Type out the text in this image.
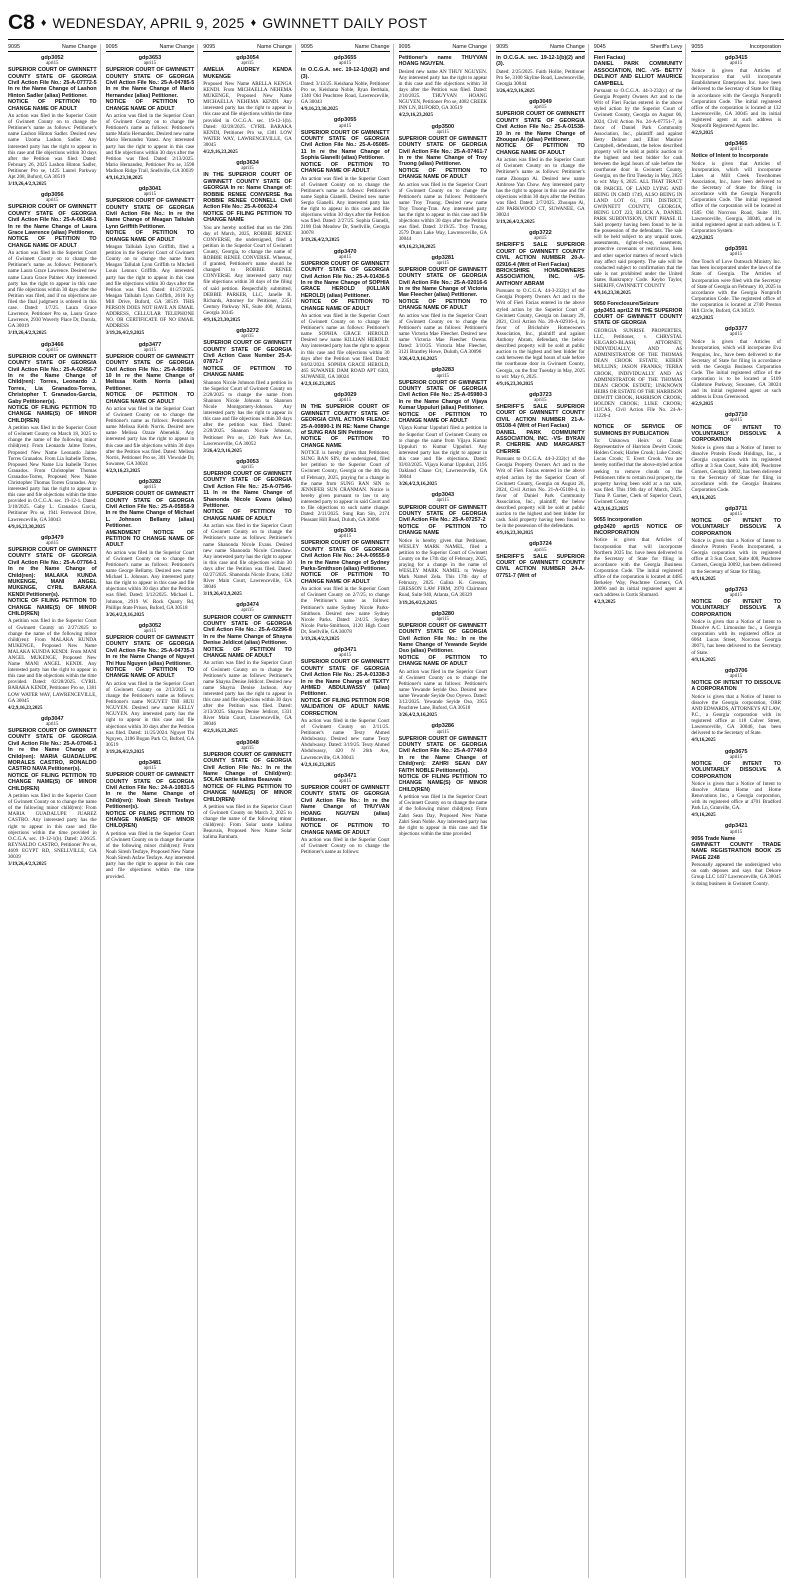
C8 ♦ WEDNESDAY, APRIL 9, 2025 ♦ GWINNETT DAILY POST
9095	Name Change
gdp3052
apri15
SUPERIOR COURT OF GWINNETT COUNTY STATE OF GEORGIA Civil Action File No.: 25-A-07772-5 In re the Name Change of Lashon Hinton Sadler (alias) Petitioner.
NOTICE OF PETITION TO CHANGE NAME OF ADULT
An action was filed in the Superior Court of Gwinnett County on to change the Petitioner's name as follows: Petitioner's name Lashon Hinton Sadler. Desired new name Uzoma Lashon Sadler. Any interested party has the right to appear in this case and file objections within 30 days after the Petition was filed. Dated: February 26, 2025 Lashon Hinton Sadler, Petitioner Pro se, 1425 Laurel Parkway Apt 208, Buford, GA 30519
3/19,26,4/2,9,2025
gdp3056
apri15
SUPERIOR COURT OF GWINNETT COUNTY STATE OF GEORGIA Civil Action File No.: 25-A-06148-1 In re the Name Change of Laura Grace Lawrence (alias) Petitioner.
NOTICE OF PETITION TO CHANGE NAME OF ADULT
An action was filed in the Superior Court of Gwinnett County on to change the Petitioner's name as follows: Petitioner's name Laura Grace Lawrence. Desired new name Laura Grace Palmer. Any interested party has the right to appear in this case and file objections within 30 days after the Petition was filed, and if no objections are filed the final judgment is ordered in this case. Dated: 1/7/25. Laura Grace Lawrence, Petitioner Pro se, Laura Grace Lawrence, 2930 Waverly Place Dr, Dacula, GA 30019
3/19,26,4/2,9,2025
gdp3466
apri15
SUPERIOR COURT OF GWINNETT COUNTY STATE OF GEORGIA Civil Action File No.: 25-A-02456-7 In re the Name Change of Child(ren): Torres, Leonardo J. Torres, Lia Granados-Torres, Christopher T. Granados-Garcia, Gaby Petitioner(s).
NOTICE OF FILING PETITION TO CHANGE NAME(S) OF MINOR CHILD(REN)
A petition was filed in the Superior Court of Gwinnett County on March 18, 2025 to change the name of the following minor child(ren): From Leonardo Jaime Torres, Proposed New Name Leonardo Jaime Torres Granados. From Lia Isabelle Torres, Proposed New Name Lia Isabelle Torres Granados. From Christopher Thomas Granados-Torres, Proposed New Name Christopher Thomas Torres Granados. Any interested party has the right to appear in this case and file objections within the time provided in O.C.G.A. sec. 19-12-1. Dated: 3/18/2025. Gaby L. Granados Garcia, Petitioner Pro se, 1941 Fernwood Drive, Lawrenceville, GA 30043
4/9,16,23,30,2025
gdp3479
apri15
SUPERIOR COURT OF GWINNETT COUNTY STATE OF GEORGIA Civil Action File No.: 25-A-07764-1 In re the Name Change of Child(ren): MALAKA KUNDA MUKENGE, MANI ANGEL MUKENGE, CYRIL BARAKA KENDI Petitioner(s).
NOTICE OF FILING PETITION TO CHANGE NAME(S) OF MINOR CHILD(REN)
A petition was filed in the Superior Court of Gwinnett County on 2/27/2025 to change the name of the following minor child(ren): From MALAKA KUNDA MUKENGE, Proposed New Name MALAKA KUNDA KENDI. From MANI ANGEL MUKENGE, Proposed New Name MANI ANGEL KENDI. Any interested party has the right to appear in this case and file objections within the time provided. Dated: 02/28/2025. CYRIL BARAKA KENDI, Petitioner Pro se, 1381 LOW WATER WAY, LAWRENCEVILLE, GA 30045
4/2,9,16,23,2025
gdp3047
apri15
SUPERIOR COURT OF GWINNETT COUNTY STATE OF GEORGIA Civil Action File No.: 25-A-07046-1 In re the Name Change of Child(ren): MARIA GUADALUPE MORALES CASTRO, RONALDO CASTRO NAVA Petitioner(s).
NOTICE OF FILING PETITION TO CHANGE NAME(S) OF MINOR CHILD(REN)
A petition was filed in the Superior Court of Gwinnett County on to change the name of the following minor child(ren): From MARIA GUADALUPE JUAREZ CASTRO. Any interested party has the right to appear in this case and file objections within the time provided in O.C.G.A. sec. 19-12-1(b). Dated: 2/26/25. REYNALDO CASTRO, Petitioner Pro se, 4609 EGYPT RD, SNELLVILLE, GA 30039
3/19,26,4/2,9,2025
9095	Name Change
gdp3653
apri15
SUPERIOR COURT OF GWINNETT COUNTY STATE OF GEORGIA Civil Action File No.: 25-A-04785-5 In re the Name Change of Mario Hernandez (alias) Petitioner.
NOTICE OF PETITION TO CHANGE NAME OF ADULT
An action was filed in the Superior Court of Gwinnett County on to change the Petitioner's name as follows: Petitioner's name Mario Hernandez. Desired new name Mario Hernandez Yanez. Any interested party has the right to appear in this case and file objections within 30 days after the Petition was filed. Dated: 2/13/2025. Mario Hernandez, Petitioner Pro se, 3598 Madison Ridge Trail, Snellville, GA 30039
4/9,16,23,30,2025
gdp3041
apri15
SUPERIOR COURT OF GWINNETT COUNTY STATE OF GEORGIA Civil Action File No.: In re the Name Change of Meagan Tallulah Lynn Griffith Petitioner.
NOTICE OF PETITION TO CHANGE NAME OF ADULT
Meagan Tallulah Lynn Griffith, filed a petition in the Superior Court of Gwinnett County on to change the name from Meagan Tallulah Lynn Griffith to Mitchell Louis Lennox Griffith. Any interested party has the right to appear in this case and file objections within 30 days after the Petition was filed. Dated: 01/27/2025. Meagan Tallulah Lynn Griffith, 2610 Ivy Mill Drive, Buford, GA 30519. THIS PERSON DOES NOT HAVE AN EMAIL ADDRESS, CELLULAR TELEPHONE NO. OR CERTIFICATE OF NO EMAIL ADDRESS
3/19,26,4/2,9,2025
gdp3477
apri15
SUPERIOR COURT OF GWINNETT COUNTY STATE OF GEORGIA Civil Action File No.: 25-A-02086-10 In re the Name Change of Melissa Keith Norris (alias) Petitioner.
NOTICE OF PETITION TO CHANGE NAME OF ADULT
An action was filed in the Superior Court of Gwinnett County on to change the Petitioner's name as follows: Petitioner's name Melissa Keith Norris. Desired new name Melissa Ozaze Abenekhi. Any interested party has the right to appear in this case and file objections within 30 days after the Petition was filed. Dated: Melissa Norris, Petitioner Pro se, 301 Viewside Dr, Suwanee, GA 30024
4/2,9,16,23,2025
gdp3282
apri15
SUPERIOR COURT OF GWINNETT COUNTY STATE OF GEORGIA Civil Action File No.: 25-A-05858-9 In re the Name Change of Michael L. Johnson Bellamy (alias) Petitioner.
AMENDMENT NOTICE OF PETITION TO CHANGE NAME OF ADULT
An action was filed in the Superior Court of Gwinnett County on to change the Petitioner's name as follows: Petitioner's name George Bellamy. Desired new name Michael L. Johnson. Any interested party has the right to appear in this case and file objections within 30 days after the Petition was filed. Dated: 3/12/2025. Michael L. Johnson, 2919 W. Rock Quarry Rd, Phillips State Prison, Buford, GA 30518
3/26,4/2,9,16,2025
gdp3052
apri15
SUPERIOR COURT OF GWINNETT COUNTY STATE OF GEORGIA Civil Action File No.: 25-A-04735-3 In re the Name Change of Nguyet Thi Huu Nguyen (alias) Petitioner.
NOTICE OF PETITION TO CHANGE NAME OF ADULT
An action was filed in the Superior Court of Gwinnett County on 2/13/2025 to change the Petitioner's name as follows: Petitioner's name NGUYET THI HUU NGUYEN. Desired new name KELLY NGUYEN. Any interested party has the right to appear in this case and file objections within 30 days after the Petition was filed. Dated: 11/25/2024. Nguyet Thi Nguyen, 3186 Bogan Park Ct, Buford, GA 30519
3/19,26,4/2,9,2025
gdp3481
apri15
SUPERIOR COURT OF GWINNETT COUNTY STATE OF GEORGIA Civil Action File No.: 24-A-10831-5 In re the Name Change of Child(ren): Noah Siresh Tesfaye Petitioner(s).
NOTICE OF FILING PETITION TO CHANGE NAME(S) OF MINOR CHILD(REN)
A petition was filed in the Superior Court of Gwinnett County on to change the name of the following minor child(ren): From Noah Siresh Tesfaye, Proposed New Name Noah Siresh Asfaw Tesfaye. Any interested party has the right to appear in this case and file objections within the time provided.
9095	Name Change
gdp3054
apri15
AMELIA AUDREY KENDA MUKENGE
Proposed New Name ARELLA KENGA KENDI. From MICHAELLA NEHEMA MUKENGE, Proposed New Name MICHAELLA NEHEMA KENDI. Any interested party has the right to appear in this case and file objections within the time provided in O.C.G.A. sec. 19-12-1(b). Dated: 02/28/2025. CYRIL BARAKA KENDI, Petitioner Pro se, 1381 LOW WATER WAY, LAWRENCEVILLE, GA 30045
4/2,9,16,23,2025
gdp3634
apri15
IN THE SUPERIOR COURT OF GWINNETT COUNTY STATE OF GEORGIA In re: Name Change of: ROBBIE RENEE CONVERSE fka ROBBIE RENEE CONNELL Civil Action File No.: 25-A-00632-4
NOTICE OF FILING PETITION TO CHANGE NAME
You are hereby notified that on the 29th day of March, 2025, ROBBIE RENEE CONVERSE, the undersigned, filed a petition in the Superior Court of Gwinnett County, Georgia, to change the name of ROBBIE RENEE CONVERSE. Whereas, if granted, Petitioner's name should be changed to ROBBIE RENEE CONVERSE. Any interested party may file objections within 30 days of the filing of said petition. Respectfully submitted, DEBBIE PARKER, LLC, Janelle R. Richards, Attorney for Petitioner, 2351 Century Parkway NE, Suite 400, Atlanta, Georgia 30345
4/9,16,23,30,2025
gdp3272
apri15
SUPERIOR COURT OF GWINNETT COUNTY STATE OF GEORGIA Civil Action Case Number 25-A-07871-7
NOTICE OF PETITION TO CHANGE NAME
Shannon Nicole Johnson filed a petition in the Superior Court of Gwinnett County on 2/28/2025 to change the name from Shannon Nicole Johnson to Shannon Nicole Montgomery-Johnson. Any interested party has the right to appear in this case and file objections within 30 days after the petition was filed. Dated: 2/28/2025. Shannon Nicole Johnson, Petitioner Pro se, 126 Park Ave Ln, Lawrenceville, GA 30052
3/26,4/2,9,16,2025
gdp3053
apri15
SUPERIOR COURT OF GWINNETT COUNTY STATE OF GEORGIA Civil Action File No.: 25-A-07546-11 In re the Name Change of Shanonda Nicole Evans (alias) Petitioner.
NOTICE OF PETITION TO CHANGE NAME OF ADULT
An action was filed in the Superior Court of Gwinnett County on to change the Petitioner's name as follows: Petitioner's name Shanonda Nicole Evans. Desired new name Shanonda Nicole Crenshaw. Any interested party has the right to appear in this case and file objections within 30 days after the Petition was filed. Dated: 02/27/2025. Shanonda Nicole Evans, 1302 River Main Court, Lawrenceville, GA 30046
3/19,26,4/2,9,2025
gdp3474
apri15
SUPERIOR COURT OF GWINNETT COUNTY STATE OF GEORGIA Civil Action File No.: 25-A-02296-8 In re the Name Change of Shayna Denise Jeldicot (alias) Petitioner.
NOTICE OF PETITION TO CHANGE NAME OF ADULT
An action was filed in the Superior Court of Gwinnett County on to change the Petitioner's name as follows: Petitioner's name Shayna Denise Jeldicot. Desired new name Shayna Denise Jackson. Any interested party has the right to appear in this case and file objections within 30 days after the Petition was filed. Dated: 3/13/2025. Shayna Denise Jeldicot, 1331 River Main Court, Lawrenceville, GA 30046
4/2,9,16,23,2025
gdp3048
apri15
SUPERIOR COURT OF GWINNETT COUNTY STATE OF GEORGIA Civil Action File No.: In re the Name Change of Child(ren): SOLAR tantie kalima Beauvais
NOTICE OF FILING PETITION TO CHANGE NAME(S) OF MINOR CHILD(REN)
A petition was filed in the Superior Court of Gwinnett County on March 2, 2025 to change the name of the following minor child(ren): From Solar tantie kalima Beauvais, Proposed New Name Solar kalima Barnham.
9095	Name Change
gdp3655
apri15
in O.C.G.A. sec. 19-12-1(b)(2) and (3).
Dated: 3/13/25. Keishana Noble, Petitioner Pro se, Keishana Noble, Ryan Berthain, 1340 Old Peachtree Road, Lawrenceville, GA 30043
4/9,16,23,30,2025
gdp3055
apri15
SUPERIOR COURT OF GWINNETT COUNTY STATE OF GEORGIA Civil Action File No.: 25-A-05085-11 In re the Name Change of Sophia Gianelli (alias) Petitioner.
NOTICE OF PETITION TO CHANGE NAME OF ADULT
An action was filed in the Superior Court of Gwinnett County on to change the Petitioner's name as follows: Petitioner's name Sophia Gianelli. Desired new name Sergio Gianelli. Any interested party has the right to appear in this case and file objections within 30 days after the Petition was filed. Dated: 2/27/25. Sophia Gianelli, 2180 Oak Meadow Dr, Snellville, Georgia 30078
3/19,26,4/2,9,2025
gdp3470
apri15
SUPERIOR COURT OF GWINNETT COUNTY STATE OF GEORGIA Civil Action File No.: 25-A-01436-5 In re the Name Change of SOPHIA GRACE HEROLD (KILLIAN HEROLD) (alias) Petitioner.
NOTICE OF PETITION TO CHANGE NAME OF ADULT
An action was filed in the Superior Court of Gwinnett County on to change the Petitioner's name as follows: Petitioner's name SOPHIA GRACE HEROLD. Desired new name KILLIAN HEROLD. Any interested party has the right to appear in this case and file objections within 30 days after the Petition was filed. Dated: 04/02/2024. SOPHIA GRACE HEROLD, 465 SUWANEE DAM ROAD APT 6303, SUWANEE, GA 30024
4/2,9,16,23,2025
gdp3029
apri15
IN THE SUPERIOR COURT OF GWINNETT COUNTY STATE OF GEORGIA CIVIL ACTION FILENO.: 25-A-00890-1 IN RE: Name Change of SUNG RAN SIN Petitioner
NOTICE OF PETITION TO CHANGE NAME
NOTICE is hereby given that Petitioner, SUNG RAN SIN, the undersigned, filed her petition to the Superior Court of Gwinnett County, Georgia on the 4th day of February, 2025, praying for a change in the name from SUNG RAN SIN to JENNIFER SUN CRANMAN. Notice is hereby given pursuant to law to any interested party to appear in said Court and to file objections to such name change. Dated: 2/11/2025. Sung Ran Sin, 2174 Pleasant Hill Road, Duluth, GA 30096
gdp3061
apri15
SUPERIOR COURT OF GWINNETT COUNTY STATE OF GEORGIA Civil Action File No.: 24-A-09555-9 In re the Name Change of Sydney Parks-Smithson (alias) Petitioner.
NOTICE OF PETITION TO CHANGE NAME OF ADULT
An action was filed in the Superior Court of Gwinnett County on 2/7/25, to change the Petitioner's name as follows: Petitioner's name Sydney Nicole Parks-Smithson. Desired new name Sydney Nicole Parks. Dated: 2/4/25. Sydney Nicole Parks-Smithson, 3120 High Court Dr, Snellville, GA 30078
3/19,26,4/2,9,2025
gdp3471
apri15
SUPERIOR COURT OF GWINNETT COUNTY STATE OF GEORGIA Civil Action File No.: 25-A-01338-3 In re the Name Change of TEXTY AHMED ABDULWASSY (alias) Petitioner.
NOTICE OF FILING PETITION FOR VALIDATION OF ADULT NAME CORRECTION
An action was filed in the Superior Court of Gwinnett County on 2/11/25. Petitioner's name Texty Ahmed Abdulwassy. Desired new name Texty Abdulwassy. Dated: 3/19/25. Texty Ahmed Abdulwassy, 420 N 26th Ave, Lawrenceville, GA 30043
4/2,9,16,23,2025
gdp3471
apri15
SUPERIOR COURT OF GWINNETT COUNTY STATE OF GEORGIA Civil Action File No.: In re the Name Change of THUYVAN HOANG NGUYEN (alias) Petitioner.
NOTICE OF PETITION TO CHANGE NAME OF ADULT
An action was filed in the Superior Court of Gwinnett County on to change the Petitioner's name as follows:
9095	Name Change
Petitioner's name THUYVAN HOANG NGUYEN.
Desired new name AN THUY NGUYEN. Any interested party has the right to appear in this case and file objections within 30 days after the Petition was filed. Dated: 2/10/2025. THUYVAN HOANG NGUYEN, Petitioner Pro se, 4082 CREEK INN LN, BUFORD, GA 30519
4/2,9,16,23,2025
gdp3500
apri15
SUPERIOR COURT OF GWINNETT COUNTY STATE OF GEORGIA Civil Action File No.: 25-A-07461-7 In re the Name Change of Troy Truong (alias) Petitioner.
NOTICE OF PETITION TO CHANGE NAME OF ADULT
An action was filed in the Superior Court of Gwinnett County on to change the Petitioner's name as follows: Petitioner's name Troy Truong. Desired new name Troy Truong-Tran. Any interested party has the right to appear in this case and file objections within 30 days after the Petition was filed. Dated: 3/19/25. Troy Truong, 2579 Dunn Lake Way, Lawrenceville, GA 30044
4/9,16,23,30,2025
gdp3281
apri15
SUPERIOR COURT OF GWINNETT COUNTY STATE OF GEORGIA Civil Action File No.: 25-A-02016-6 In re the Name Change of Victoria Mae Fleecher (alias) Petitioner.
NOTICE OF PETITION TO CHANGE NAME OF ADULT
An action was filed in the Superior Court of Gwinnett County on to change the Petitioner's name as follows: Petitioner's name Victoria Mae Fleecher. Desired new name Victoria Mae Fleecher Owens. Dated: 3/10/25. Victoria Mae Fleecher, 3121 Brantley Howe, Duluth, GA 30096
3/26,4/2,9,16,2025
gdp3283
apri15
SUPERIOR COURT OF GWINNETT COUNTY STATE OF GEORGIA Civil Action File No.: 25-A-05980-3 In re the Name Change of Vijaya Kumar Uppuluri (alias) Petitioner.
NOTICE OF PETITION TO CHANGE NAME OF ADULT
Vijaya Kumar Uppuluri filed a petition in the Superior Court of Gwinnett County on to change the name from Vijaya Kumar Uppuluri to Kumar Uppuluri. Any interested party has the right to appear in this case and file objections. Dated: 03/03/2025. Vijaya Kumar Uppuluri, 2195 Oakland Chase Crt, Lawrenceville, GA 30044
3/26,4/2,9,16,2025
gdp3043
apri15
SUPERIOR COURT OF GWINNETT COUNTY STATE OF GEORGIA Civil Action File No.: 25-A-07257-2
NOTICE OF PETITION TO CHANGE NAME
Notice is hereby given that Petitioner, WESLEY MARK NAMEL, filed a petition to the Superior Court of Gwinnett County on the 17th day of February, 2025, praying for a change in the name of WESLEY MARK NAMEL to Wesley Mark Namel Zela. This 17th day of February, 2025. Galina K. Gresson, GRESSON LAW FIRM, 2970 Clairmont Road, Suite 940, Atlanta, GA 30329
3/19,26,4/2,9,2025
gdp3280
apri15
SUPERIOR COURT OF GWINNETT COUNTY STATE OF GEORGIA Civil Action File No.: In re the Name Change of Yewande Seyide Oso (alias) Petitioner.
NOTICE OF PETITION TO CHANGE NAME OF ADULT
An action was filed in the Superior Court of Gwinnett County on to change the Petitioner's name as follows: Petitioner's name Yewande Seyide Oso. Desired new name Yewande Seyide Oso Oyewo. Dated: 3/12/2025. Yewande Seyide Oso, 3955 Peachtree Lane, Buford, GA 30518
3/26,4/2,9,16,2025
gdp3286
apri15
SUPERIOR COURT OF GWINNETT COUNTY STATE OF GEORGIA Civil Action File No.: 25-A-07740-9 In re the Name Change of Child(ren): ZAHRI SEAN DAY FAITH NOBLE Petitioner(s).
NOTICE OF FILING PETITION TO CHANGE NAME(S) OF MINOR CHILD(REN)
A petition was filed in the Superior Court of Gwinnett County on to change the name of the following minor child(ren): From Zahri Sean Day, Proposed New Name Zahri Sean Noble. Any interested party has the right to appear in this case and file objections within the time provided
9095	Name Change
in O.C.G.A. sec. 19-12-1(b)(2) and (3).
Dated: 2/25/2025. Faith Hollie, Petitioner Pro Se, 3100 Skyline Road, Lawrenceville, Georgia 30044
3/26,4/2,9,16,2025
gdp3049
apri15
SUPERIOR COURT OF GWINNETT COUNTY STATE OF GEORGIA Civil Action File No.: 25-A-01538-10 In re the Name Change of Zhouqan Ai (alias) Petitioner.
NOTICE OF PETITION TO CHANGE NAME OF ADULT
An action was filed in the Superior Court of Gwinnett County on to change the Petitioner's name as follows: Petitioner's name Zhouqan Ai. Desired new name Ambrose Yan Chow. Any interested party has the right to appear in this case and file objections within 30 days after the Petition was filed. Dated: 2/7/2025. Zhouqan Ai, 428 PARKWOOD CT, SUWANEE, GA 30024
3/19,26,4/2,9,2025
gdp3722
apri15
SHERIFF'S SALE SUPERIOR COURT OF GWINNETT COUNTY CIVIL ACTION NUMBER 20-A-02916-4 (Writ of Fieri Facias)
BRICKSHIRE HOMEOWNERS ASSOCIATION, INC. -VS- ANTHONY ABRAM
Pursuant to O.C.G.A. 44-3-232(c) of the Georgia Property Owners Act and to the Writ of Fieri Facias entered in the above styled action by the Superior Court of Gwinnett County, Georgia on January 29, 2021, Civil Action No. 20-A-02916-4, in favor of Brickshire Homeowners Association, Inc., plaintiff and against Anthony Abram, defendant, the below described property will be sold at public auction to the highest and best bidder for cash between the legal hours of sale before the courthouse door in Gwinnett County, Georgia, on the first Tuesday in May, 2025 to wit: May 6, 2025.
4/9,16,23,30,2025
gdp3723
apri15
SHERIFF'S SALE SUPERIOR COURT OF GWINNETT COUNTY CIVIL ACTION NUMBER 21-A-05108-4 (Writ of Fieri Facias)
DANIEL PARK COMMUNITY ASSOCIATION, INC. -VS- BYRAN P. CHERRIE AND MARGARET CHERRIE
Pursuant to O.C.G.A. 44-3-232(c) of the Georgia Property Owners Act and to the Writ of Fieri Facias entered in the above styled action by the Superior Court of Gwinnett County, Georgia on August 26, 2024, Civil Action No. 21-A-05108-4, in favor of Daniel Park Community Association, Inc., plaintiff, the below described property will be sold at public auction to the highest and best bidder for cash. Said property having been found to be in the possession of the defendants.
4/9,16,23,30,2025
gdp3724
apri15
SHERIFF'S SALE SUPERIOR COURT OF GWINNETT COUNTY CIVIL ACTION NUMBER 24-A-07751-7 (Writ of
9045	Sheriff's Levy
Fieri Facias)
DANIEL PARK COMMUNITY ASSOCIATION, INC. -VS- BETTY DELINOT AND ELLIOT MAURICE CAMPBELL
Pursuant to O.C.G.A. 44-3-232(c) of the Georgia Property Owners Act and to the Writ of Fieri Facias entered in the above styled action by the Superior Court of Gwinnett County, Georgia on August 06, 2024, Civil Action No. 24-A-07751-7, in favor of Daniel Park Community Association, Inc., plaintiff and against Betty Delinot and Elliot Maurice Campbell, defendants, the below described property will be sold at public auction to the highest and best bidder for cash between the legal hours of sale before the courthouse door in Gwinnett County, Georgia, on the first Tuesday in May, 2025 to wit: May 6, 2025. ALL THAT TRACT OR PARCEL OF LAND LYING AND BEING IN GMD 1749, ALSO BEING IN LAND LOT 61, 5TH DISTRICT, GWINNETT COUNTY, GEORGIA, BEING LOT 223, BLOCK A, DANIEL PARK SUBDIVISION, UNIT PHASE II. Said property having been found to be in the possession of the defendants. The sale will be held subject to any unpaid taxes, assessments, rights-of-way, easements, protective covenants or restrictions, liens and other superior matters of record which may affect said property. The sale will be conducted subject to confirmation that the sale is not prohibited under the United States Bankruptcy Code. Keybo Taylor, SHERIFF, GWINNETT COUNTY
4/9,16,23,30,2025
9050 Foreclosure/Seizure
gdp3451 apri12 IN THE SUPERIOR COURT OF GWINNETT COUNTY STATE OF GEORGIA
GEORGIA SUNRISE PROPERTIES, LLC, Petitioner, v. CHRYSTAL KILGARO-BLASH, ATTORNEY, INDIVIDUALLY, AND AS ADMINISTRATOR OF THE THOMAS DEAN CROOK ESTATE; KEREN MULLINS; JASON FRANKS; TERRA CROOK, INDIVIDUALLY AND AS ADMINISTRATOR OF THE THOMAS DEAN CROOK ESTATE; UNKNOWN HEIRS OR ESTATE OF THE HARRISON DEWITT CROOK, HARRISON CROOK; HOLDEN CROOK; LUKE CROOK; LUCAS, Civil Action File No. 24-A-11226-4
NOTICE OF SERVICE OF SUMMONS BY PUBLICATION
To: Unknown Heirs or Estate Representative of Harrison Dewitt Crook; Holden Crook; Harlee Crook; Luke Crook; Lucas Crook; T. Evert Crook. You are hereby notified that the above-styled action seeking to remove clouds on the Petitioners title to certain real property, the property having been sold at a tax sale, was filed. This 19th day of March, 2025. Tiana P. Garner, Clerk of Superior Court, Gwinnett County
4/2,9,16,23,2025
9055 Incorporation
gdp3420 apri15 NOTICE OF INCORPORATION
Notice is given that Articles of Incorporation that will incorporate Northern 2025 Inc. have been delivered to the Secretary of State for filing in accordance with the Georgia Business Corporation Code. The initial registered office of the corporation is located at 4485 Berkeley Way, Peachtree Corners, GA 30096 and its initial registered agent at such address is Curtis Shumard.
4/2,9,2025
9055	Incorporation
gdp3415
apri15
Notice is given that Articles of Incorporation that will incorporate Establishment Enterprises Inc. have been delivered to the Secretary of State for filing in accordance with the Georgia Nonprofit Corporation Code. The initial registered office of the corporation is located at 132 Lawrenceville, GA 30045 and its initial registered agent at such address is Nonprofit Registered Agents Inc.
4/2,9,2025
gdp3465
apri15
Notice of Intent to Incorporate
Notice is given that Articles of Incorporation, which will incorporate Lakes at Mill Creek Townhomes Association, Inc., have been delivered to the Secretary of State for filing in accordance with the Georgia Nonprofit Corporation Code. The initial registered office of the corporation will be located at 1585 Old Norcross Road, Suite 101, Lawrenceville, Georgia, 30046, and its initial registered agent at such address is T. Corporation System.
4/2,9,2025
gdp3591
apri15
One Touch of Love Outreach Ministry Inc. has been incorporated under the laws of the State of Georgia. The Articles of Incorporation were filed with the Secretary of State of Georgia on February 10, 2025 in accordance with the Georgia Nonprofit Corporation Code. The registered office of the corporation is located at 2740 Preston Hill Circle, Buford, GA 30519.
4/2,9,2025
gdp3377
apri15
Notice is given that Articles of Incorporation, which will incorporate Eva Penguins, Inc., have been delivered to the Secretary of State for filing in accordance with the Georgia Business Corporation Code. The initial registered office of the corporation is to be located at 5109 Gladstone Parkway, Suwanee, GA 30024 and its initial registered agent at such address is Evan Greenwood.
4/2,9,2025
gdp3710
apri15
NOTICE OF INTENT TO VOLUNTARILY DISSOLVE A CORPORATION
Notice is given that a Notice of Intent to dissolve Protein Foods Holdings, Inc., a Georgia corporation with its registered office at 3 Sun Court, Suite 400, Peachtree Corners, Georgia 30092, has been delivered to the Secretary of State for filing in accordance with the Georgia Business Corporation Code.
4/9,16,2025
gdp3711
apri15
NOTICE OF INTENT TO VOLUNTARILY DISSOLVE A CORPORATION
Notice is given that a Notice of Intent to dissolve Protein Foods Incorporated, a Georgia corporation with its registered office at 3 Sun Court, Suite 400, Peachtree Corners, Georgia 30092, has been delivered to the Secretary of State for filing.
4/9,16,2025
gdp3763
apri15
NOTICE OF INTENT TO VOLUNTARILY DISSOLVE A CORPORATION
Notice is given that a Notice of Intent to Dissolve A.C. Limousine Inc., a Georgia corporation with its registered office at 6064 Lucas Street, Norcross Georgia 30071, has been delivered to the Secretary of State.
4/9,16,2025
gdp3706
apri15
NOTICE OF INTENT TO DISSOLVE A CORPORATION
Notice is given that a Notice of Intent to dissolve the Georgia corporation, ORR AND EDWARDS, ATTORNEYS AT LAW, P.C., a Georgia corporation with its registered office at 118 Culver Street, Lawrenceville, GA 30046, has been delivered to the Secretary of State.
4/9,16,2025
gdp3675
apri15
NOTICE OF INTENT TO VOLUNTARILY DISSOLVE A CORPORATION
Notice is given that a Notice of Intent to dissolve Atlanta Home and Home Renovations Inc., a Georgia corporation, with its registered office at 4701 Bradford Park Ln, Granville, GA.
4/9,16,2025
gdp3421
apri15
9056 Trade Name
GWINNETT COUNTY TRADE NAME REGISTRATION BOOK 25 PAGE 2248
Personally appeared the undersigned who on oath deposes and says that Dekore Group LLC 1437 Lawrenceville, GA 30045 is doing business in Gwinnett County.
